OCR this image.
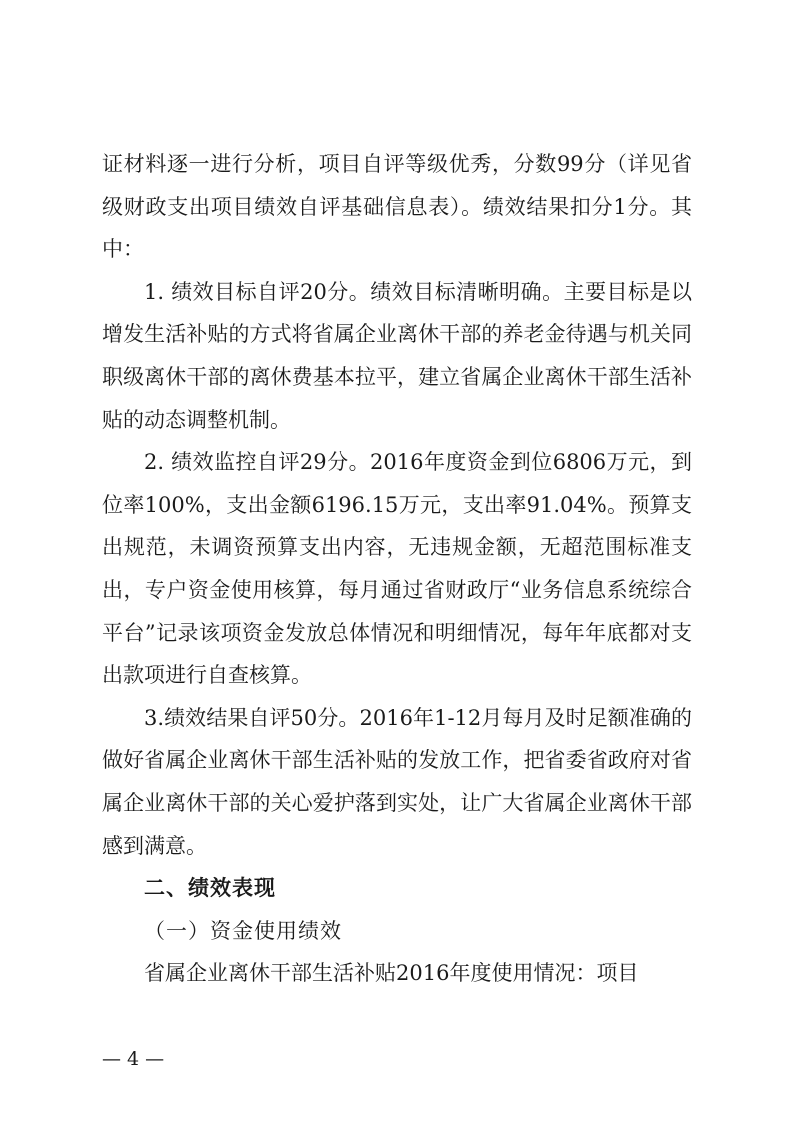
证材料逐一进行分析，项目自评等级优秀，分数99分（详见省级财政支出项目绩效自评基础信息表）。绩效结果扣分1分。其中：

1. 绩效目标自评20分。绩效目标清晰明确。主要目标是以增发生活补贴的方式将省属企业离休干部的养老金待遇与机关同职级离休干部的离休费基本拉平，建立省属企业离休干部生活补贴的动态调整机制。

2. 绩效监控自评29分。2016年度资金到位6806万元，到位率100%，支出金额6196.15万元，支出率91.04%。预算支出规范，未调资预算支出内容，无违规金额，无超范围标准支出，专户资金使用核算，每月通过省财政厅“业务信息系统综合平台”记录该项资金发放总体情况和明细情况，每年年底都对支出款项进行自查核算。

3.绩效结果自评50分。2016年1-12月每月及时足额准确的做好省属企业离休干部生活补贴的发放工作，把省委省政府对省属企业离休干部的关心爱护落到实处，让广大省属企业离休干部感到满意。

二、绩效表现

（一）资金使用绩效

省属企业离休干部生活补贴2016年度使用情况：项目

— 4 —
